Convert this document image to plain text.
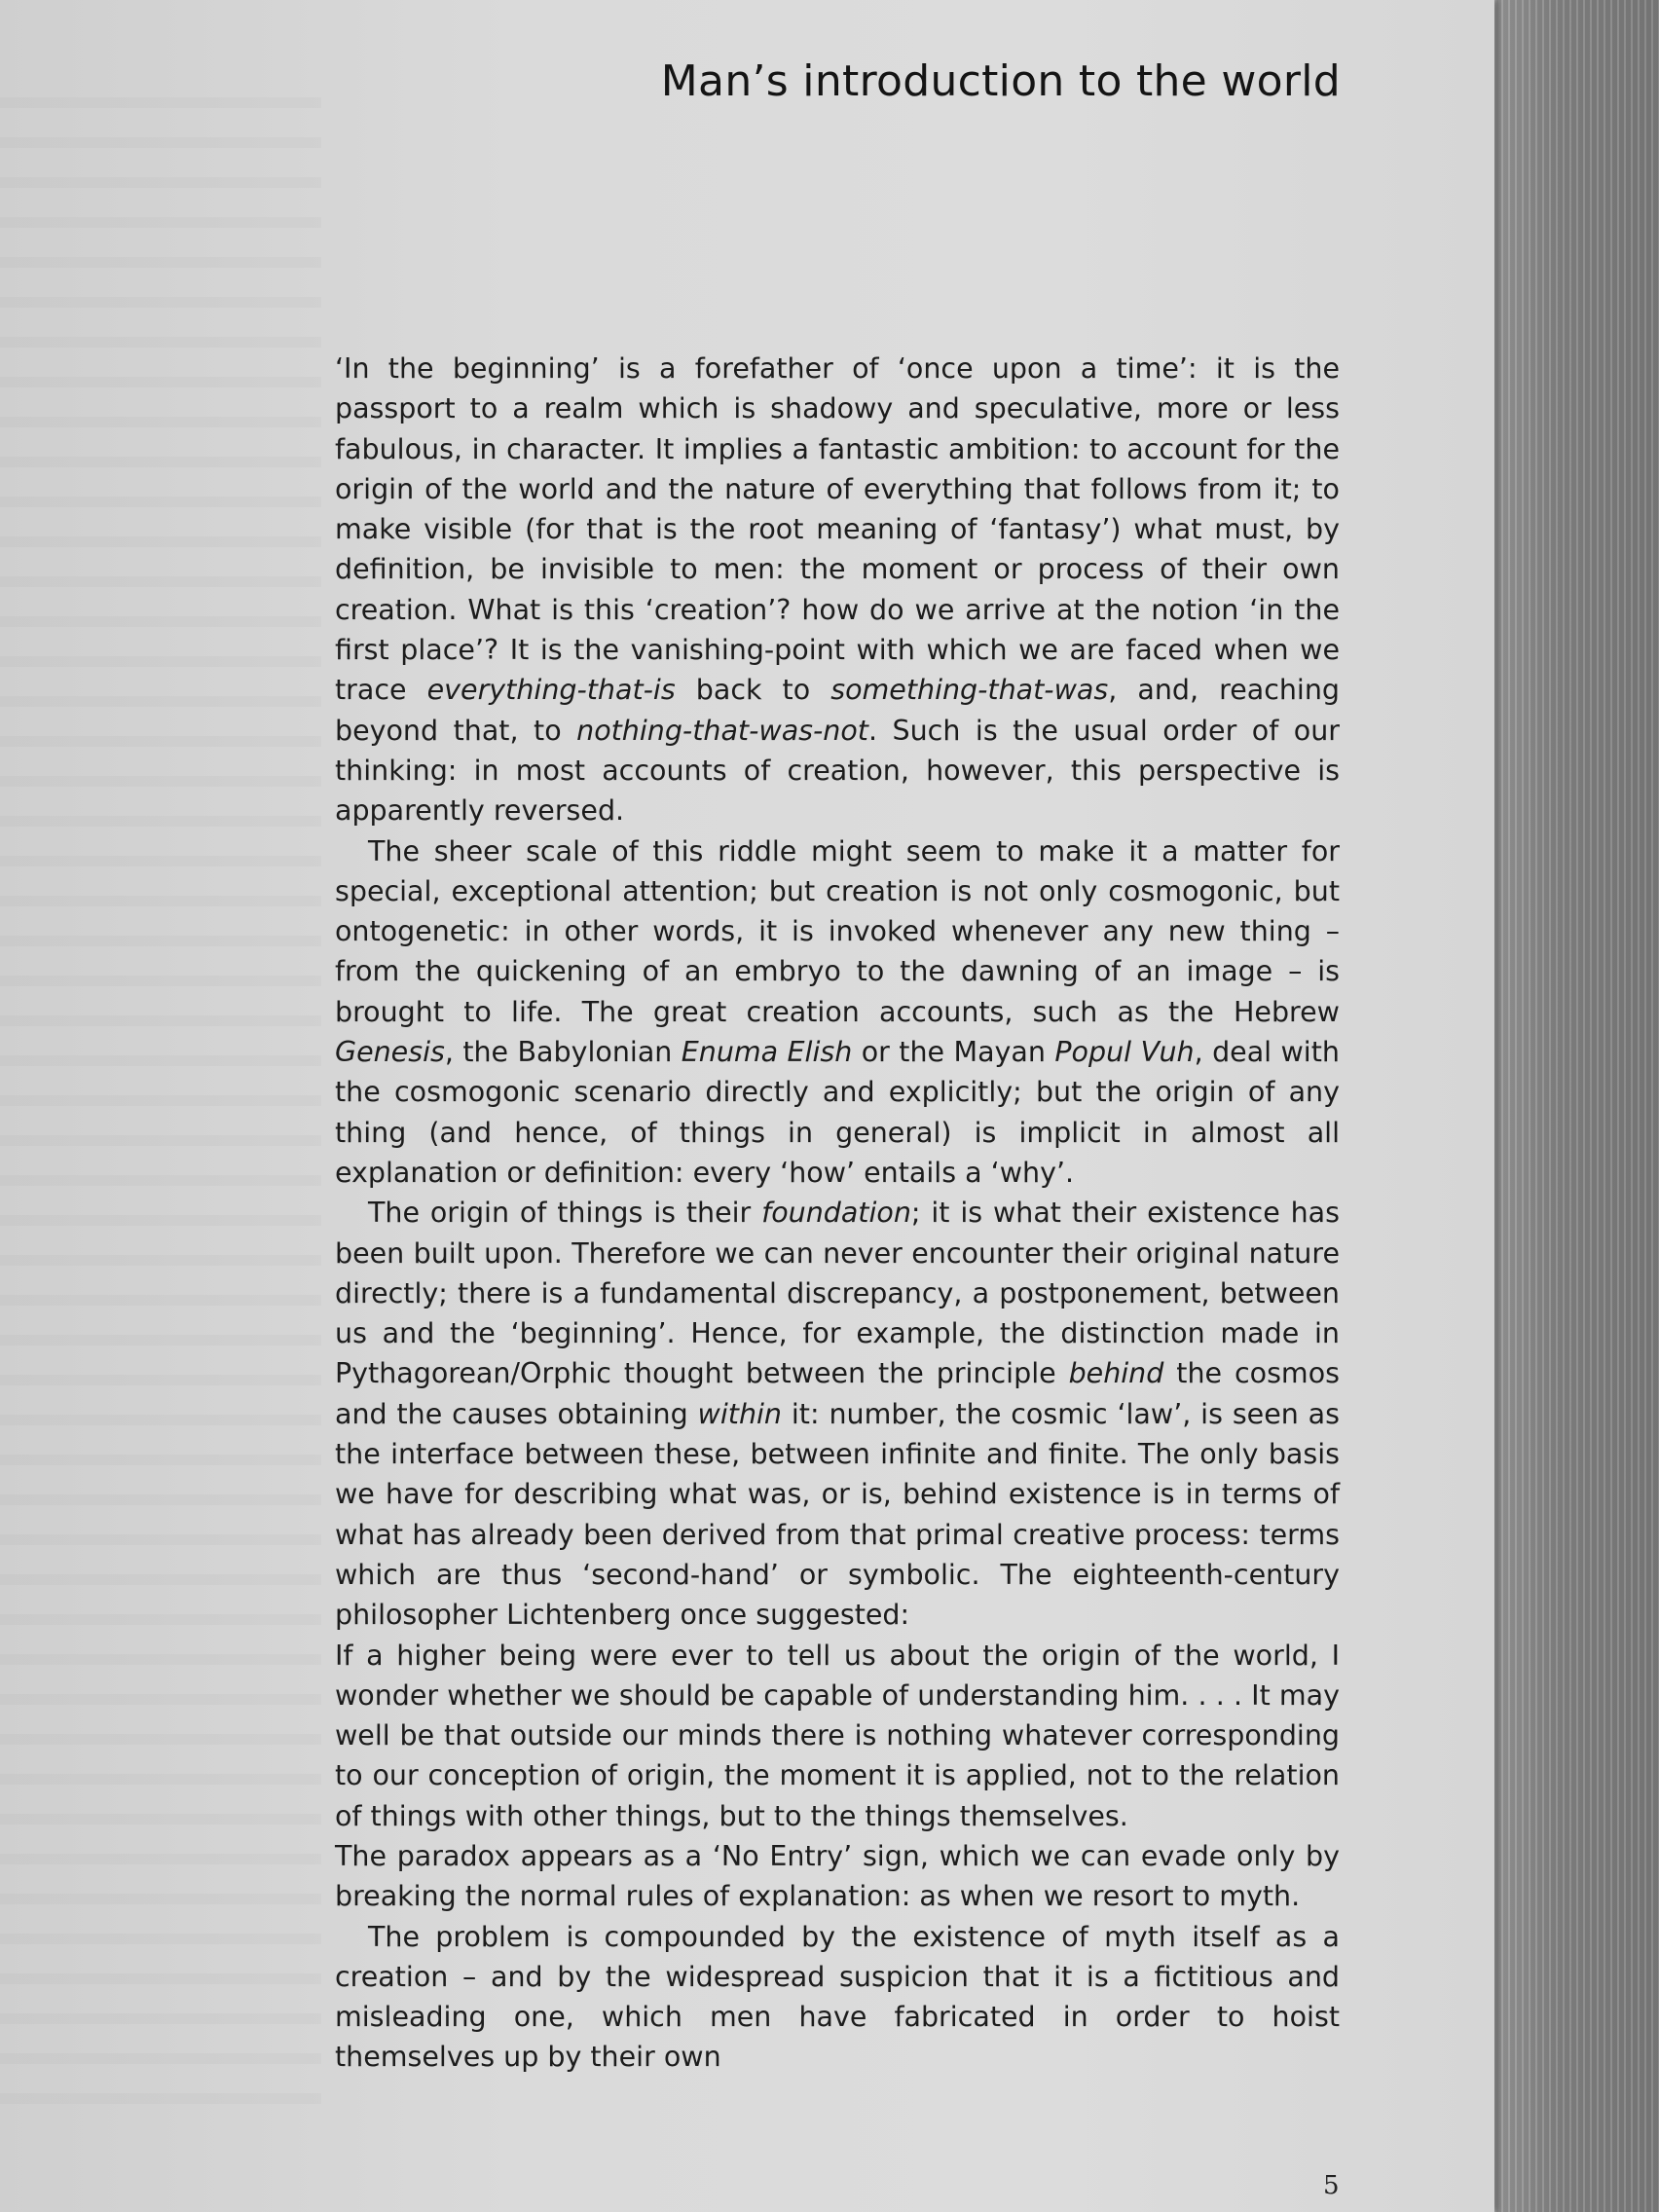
Man’s introduction to the world

‘In the beginning’ is a forefather of ‘once upon a time’: it is the passport to a realm which is shadowy and speculative, more or less fabulous, in character. It implies a fantastic ambition: to account for the origin of the world and the nature of everything that follows from it; to make visible (for that is the root meaning of ‘fantasy’) what must, by definition, be invisible to men: the moment or process of their own creation. What is this ‘creation’? how do we arrive at the notion ‘in the first place’? It is the vanishing-point with which we are faced when we trace everything-that-is back to something-that-was, and, reaching beyond that, to nothing-that-was-not. Such is the usual order of our thinking: in most accounts of creation, however, this perspective is apparently reversed.

The sheer scale of this riddle might seem to make it a matter for special, exceptional attention; but creation is not only cosmogonic, but ontogenetic: in other words, it is invoked whenever any new thing – from the quickening of an embryo to the dawning of an image – is brought to life. The great creation accounts, such as the Hebrew Genesis, the Babylonian Enuma Elish or the Mayan Popul Vuh, deal with the cosmogonic scenario directly and explicitly; but the origin of any thing (and hence, of things in general) is implicit in almost all explanation or definition: every ‘how’ entails a ‘why’.

The origin of things is their foundation; it is what their existence has been built upon. Therefore we can never encounter their original nature directly; there is a fundamental discrepancy, a postponement, between us and the ‘beginning’. Hence, for example, the distinction made in Pythagorean/Orphic thought between the principle behind the cosmos and the causes obtaining within it: number, the cosmic ‘law’, is seen as the interface between these, between infinite and finite. The only basis we have for describing what was, or is, behind existence is in terms of what has already been derived from that primal creative process: terms which are thus ‘second-hand’ or symbolic. The eighteenth-century philosopher Lichtenberg once suggested:

If a higher being were ever to tell us about the origin of the world, I wonder whether we should be capable of understanding him. . . . It may well be that outside our minds there is nothing whatever corresponding to our conception of origin, the moment it is applied, not to the relation of things with other things, but to the things themselves.

The paradox appears as a ‘No Entry’ sign, which we can evade only by breaking the normal rules of explanation: as when we resort to myth.

The problem is compounded by the existence of myth itself as a creation – and by the widespread suspicion that it is a fictitious and misleading one, which men have fabricated in order to hoist themselves up by their own

5
